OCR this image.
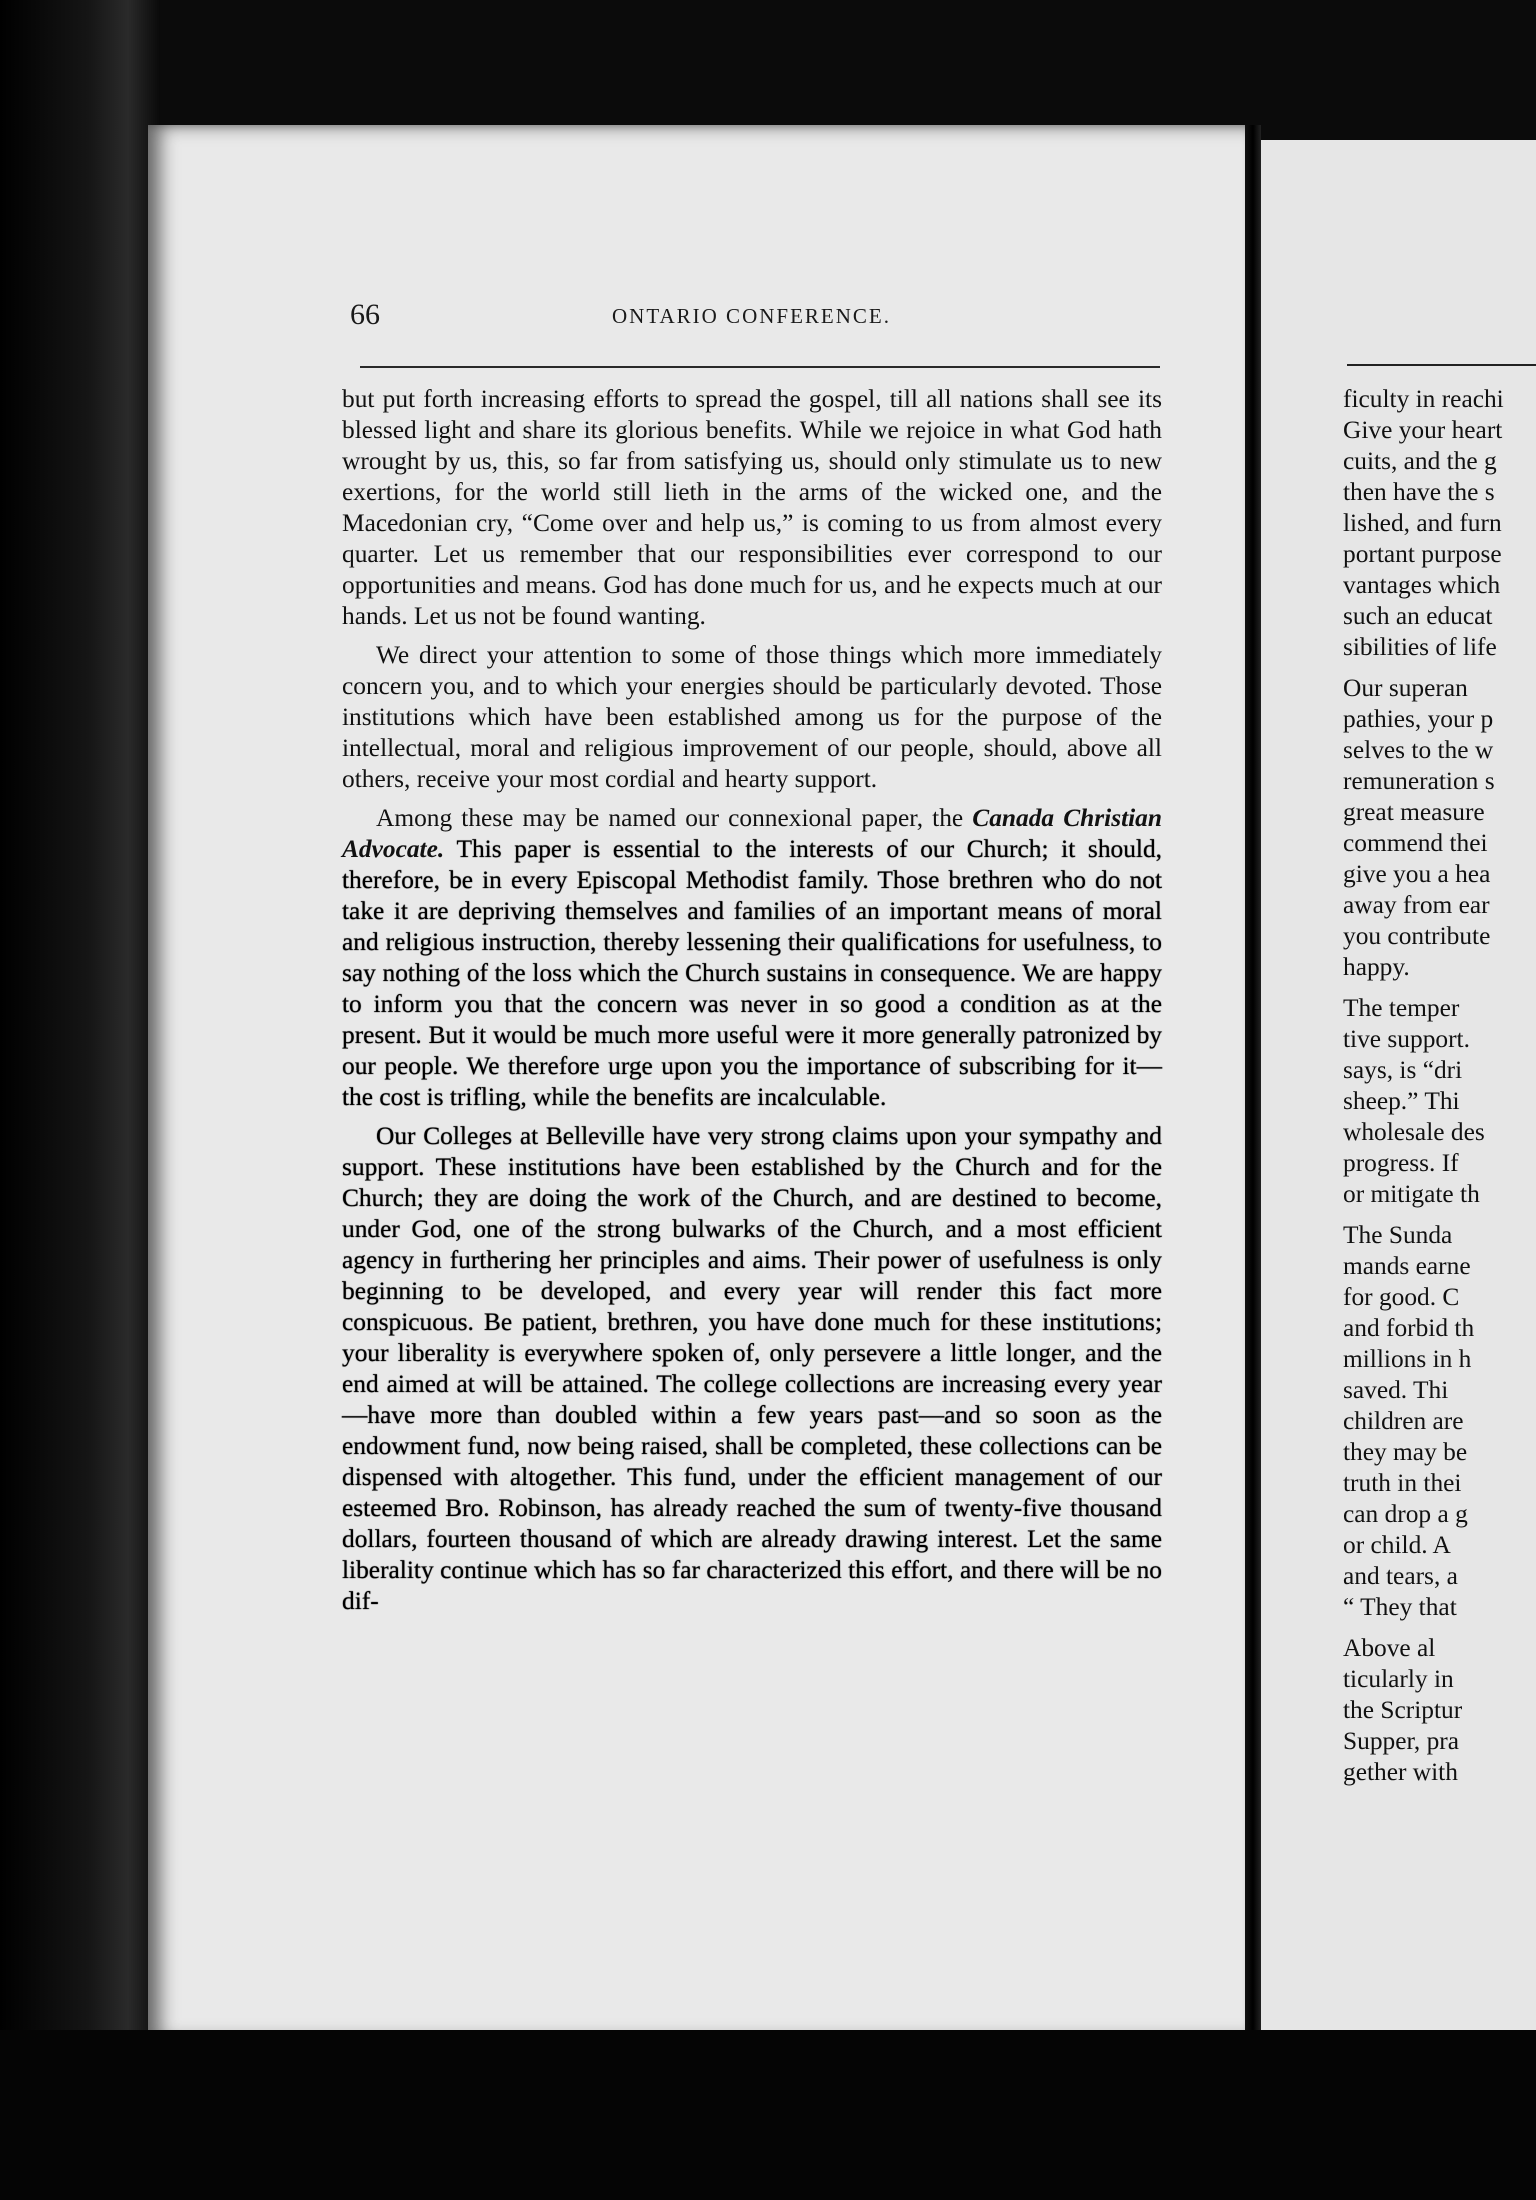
66	ONTARIO CONFERENCE.

but put forth increasing efforts to spread the gospel, till all nations shall see its blessed light and share its glorious benefits. While we rejoice in what God hath wrought by us, this, so far from satisfying us, should only stimulate us to new exertions, for the world still lieth in the arms of the wicked one, and the Macedonian cry, “Come over and help us,” is coming to us from almost every quarter. Let us remember that our responsibilities ever correspond to our opportunities and means. God has done much for us, and he expects much at our hands. Let us not be found wanting.

We direct your attention to some of those things which more immediately concern you, and to which your energies should be particularly devoted. Those institutions which have been established among us for the purpose of the intellectual, moral and religious improvement of our people, should, above all others, receive your most cordial and hearty support.

Among these may be named our connexional paper, the Canada Christian Advocate. This paper is essential to the interests of our Church; it should, therefore, be in every Episcopal Methodist family. Those brethren who do not take it are depriving themselves and families of an important means of moral and religious instruction, thereby lessening their qualifications for usefulness, to say nothing of the loss which the Church sustains in consequence. We are happy to inform you that the concern was never in so good a condition as at the present. But it would be much more useful were it more generally patronized by our people. We therefore urge upon you the importance of subscribing for it—the cost is trifling, while the benefits are incalculable.

Our Colleges at Belleville have very strong claims upon your sympathy and support. These institutions have been established by the Church and for the Church; they are doing the work of the Church, and are destined to become, under God, one of the strong bulwarks of the Church, and a most efficient agency in furthering her principles and aims. Their power of usefulness is only beginning to be developed, and every year will render this fact more conspicuous. Be patient, brethren, you have done much for these institutions; your liberality is everywhere spoken of, only persevere a little longer, and the end aimed at will be attained. The college collections are increasing every year—have more than doubled within a few years past—and so soon as the endowment fund, now being raised, shall be completed, these collections can be dispensed with altogether. This fund, under the efficient management of our esteemed Bro. Robinson, has already reached the sum of twenty-five thousand dollars, fourteen thousand of which are already drawing interest. Let the same liberality continue which has so far characterized this effort, and there will be no dif-

ficulty in reachi
Give your heart
cuits, and the g
then have the s
lished, and furn
portant purpose
vantages which
such an educat
sibilities of life
Our superan
pathies, your p
selves to the w
remuneration s
great measure
commend thei
give you a hea
away from ear
you contribute
happy.
The temper
tive support.
says, is “dri
sheep.” Thi
wholesale des
progress. If
or mitigate th
The Sunda
mands earne
for good. C
and forbid th
millions in h
saved. Thi
children are
they may be
truth in thei
can drop a g
or child. A
and tears, a
“ They that
Above al
ticularly in
the Scriptur
Supper, pra
gether with
